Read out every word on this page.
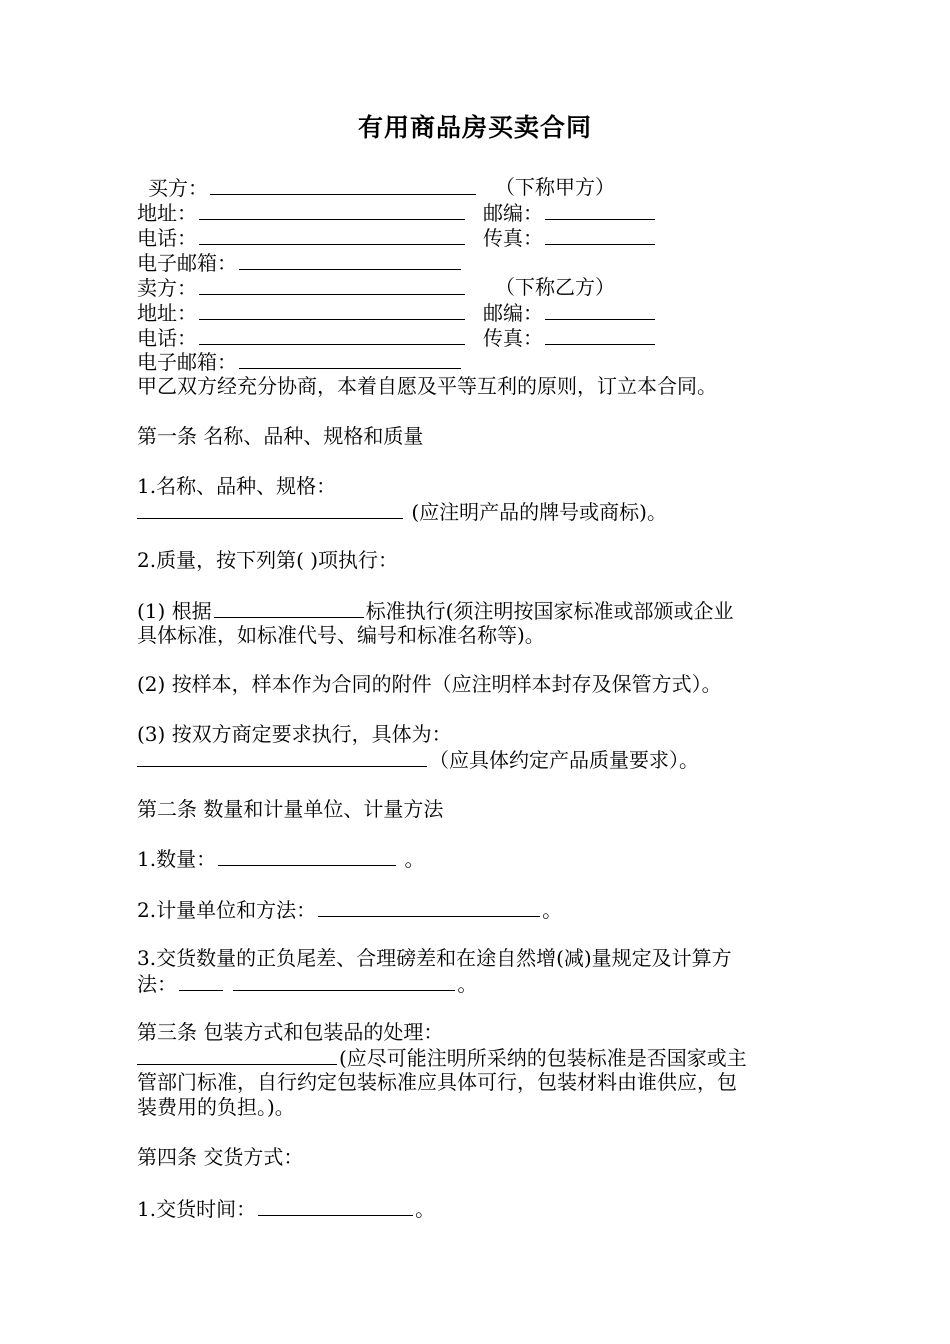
有用商品房买卖合同
买方：	（下称甲方）
地址：	邮编：
电话：	传真：
电子邮箱：
卖方：	（下称乙方）
地址：	邮编：
电话：	传真：
电子邮箱：
甲乙双方经充分协商，本着自愿及平等互利的原则，订立本合同。
第一条 名称、品种、规格和质量
1.名称、品种、规格：
(应注明产品的牌号或商标)。
2.质量，按下列第( )项执行：
(1) 根据	标准执行(须注明按国家标准或部颁或企业
具体标准，如标准代号、编号和标准名称等)。
(2) 按样本，样本作为合同的附件（应注明样本封存及保管方式）。
(3) 按双方商定要求执行，具体为：
（应具体约定产品质量要求）。
第二条 数量和计量单位、计量方法
1.数量：	。
2.计量单位和方法：	。
3.交货数量的正负尾差、合理磅差和在途自然增(减)量规定及计算方
法：	。
第三条 包装方式和包装品的处理：
(应尽可能注明所采纳的包装标准是否国家或主
管部门标准，自行约定包装标准应具体可行，包装材料由谁供应，包
装费用的负担。)。
第四条 交货方式：
1.交货时间：	。
